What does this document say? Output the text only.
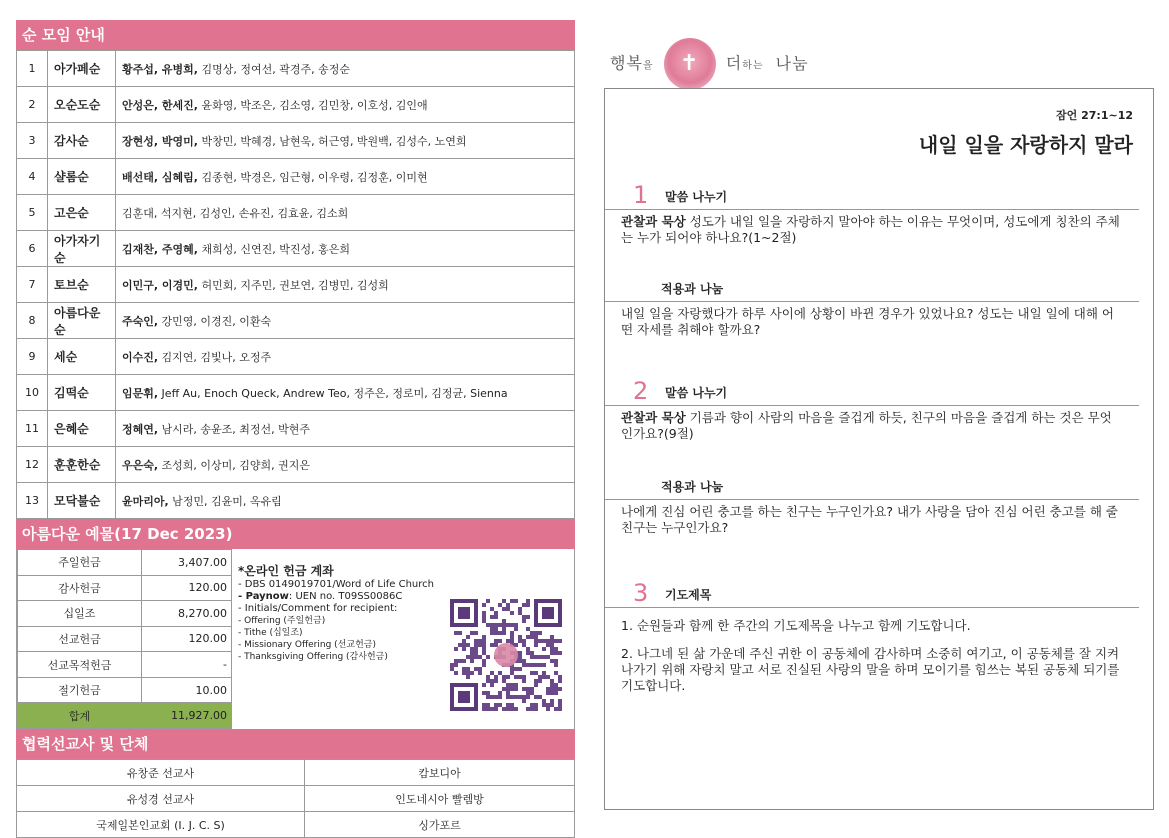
순 모임 안내
1	아가페순	황주섭, 유병희, 김명상, 정여선, 곽경주, 송정순
2	오순도순	안성은, 한세진, 윤화영, 박조은, 김소영, 김민창, 이호성, 김인애
3	감사순	장현성, 박영미, 박창민, 박혜경, 남현욱, 허근영, 박원백, 김성수, 노연희
4	샬롬순	배선태, 심혜림, 김종현, 박경은, 임근형, 이우령, 김정훈, 이미현
5	고은순	김훈대, 석지현, 김성인, 손유진, 김효윤, 김소희
6	아가자기순	김재찬, 주영혜, 채희성, 신연진, 박진성, 홍은희
7	토브순	이민구, 이경민, 허민회, 지주민, 권보연, 김병민, 김성희
8	아름다운순	주숙인, 강민영, 이경진, 이환숙
9	세순	이수진, 김지연, 김빛나, 오정주
10	김떡순	임문휘, Jeff Au, Enoch Queck, Andrew Teo, 정주은, 정로미, 김정균, Sienna
11	은혜순	정혜연, 남시라, 송윤조, 최정선, 박현주
12	훈훈한순	우은숙, 조성희, 이상미, 김양희, 권지은
13	모닥불순	윤마리아, 남정민, 김윤미, 옥유림
아름다운 예물(17 Dec 2023)
주일헌금	3,407.00
감사헌금	120.00
십일조	8,270.00
선교헌금	120.00
선교목적헌금	-
절기헌금	10.00
합계	11,927.00
*온라인 헌금 계좌
- DBS 0149019701/Word of Life Church
- Paynow: UEN no. T09SS0086C
- Initials/Comment for recipient:
- Offering (주일헌금)
- Tithe (십일조)
- Missionary Offering (선교헌금)
- Thanksgiving Offering (감사헌금)
협력선교사 및 단체
유창준 선교사	캄보디아
유성경 선교사	인도네시아 빨렘방
국제일본인교회 (I. J. C. S)	싱가포르
행복을	✝	더하는 나눔
잠언 27:1~12
내일 일을 자랑하지 말라
1 말씀 나누기
관찰과 묵상 성도가 내일 일을 자랑하지 말아야 하는 이유는 무엇이며, 성도에게 칭찬의 주체는 누가 되어야 하나요?(1~2절)
적용과 나눔
내일 일을 자랑했다가 하루 사이에 상황이 바뀐 경우가 있었나요? 성도는 내일 일에 대해 어떤 자세를 취해야 할까요?
2 말씀 나누기
관찰과 묵상 기름과 향이 사람의 마음을 즐겁게 하듯, 친구의 마음을 즐겁게 하는 것은 무엇인가요?(9절)
적용과 나눔
나에게 진심 어린 충고를 하는 친구는 누구인가요? 내가 사랑을 담아 진심 어린 충고를 해 줄 친구는 누구인가요?
3 기도제목
1. 순원들과 함께 한 주간의 기도제목을 나누고 함께 기도합니다.
2. 나그네 된 삶 가운데 주신 귀한 이 공동체에 감사하며 소중히 여기고, 이 공동체를 잘 지켜 나가기 위해 자랑치 말고 서로 진실된 사랑의 말을 하며 모이기를 힘쓰는 복된 공동체 되기를 기도합니다.
